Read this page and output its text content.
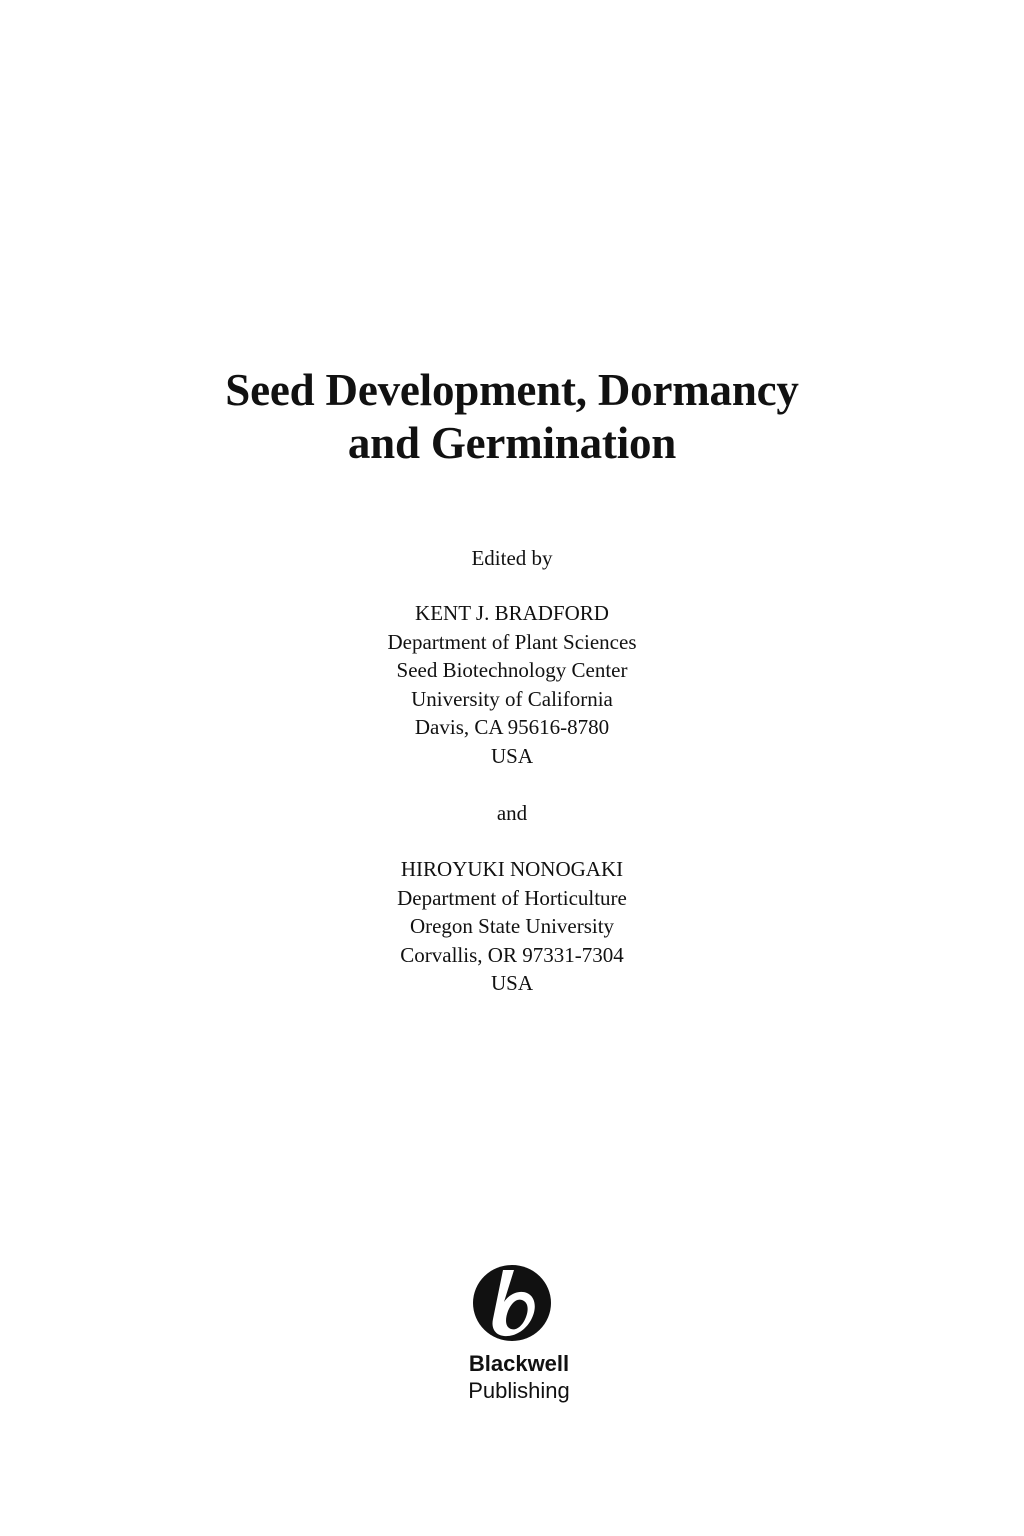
Seed Development, Dormancy
and Germination
Edited by
KENT J. BRADFORD
Department of Plant Sciences
Seed Biotechnology Center
University of California
Davis, CA 95616-8780
USA
and
HIROYUKI NONOGAKI
Department of Horticulture
Oregon State University
Corvallis, OR 97331-7304
USA
Blackwell
Publishing
